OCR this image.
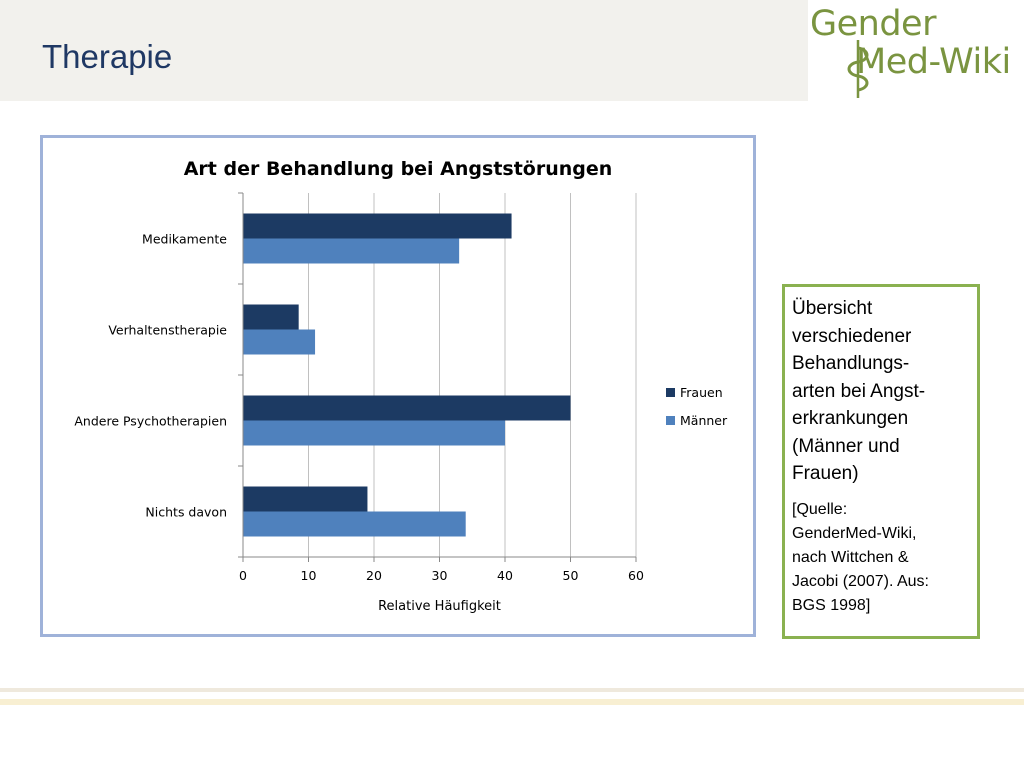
Therapie
Gender
Med-Wiki
Art der Behandlung bei Angststörungen
Medikamente
Verhaltenstherapie
Andere Psychotherapien
Nichts davon
0	10	20	30	40	50	60
Relative Häufigkeit
Frauen
Männer

Übersicht
verschiedener
Behandlungs-
arten bei Angst-
erkrankungen
(Männer und
Frauen)

[Quelle:
GenderMed-Wiki,
nach Wittchen &
Jacobi (2007). Aus:
BGS 1998]
